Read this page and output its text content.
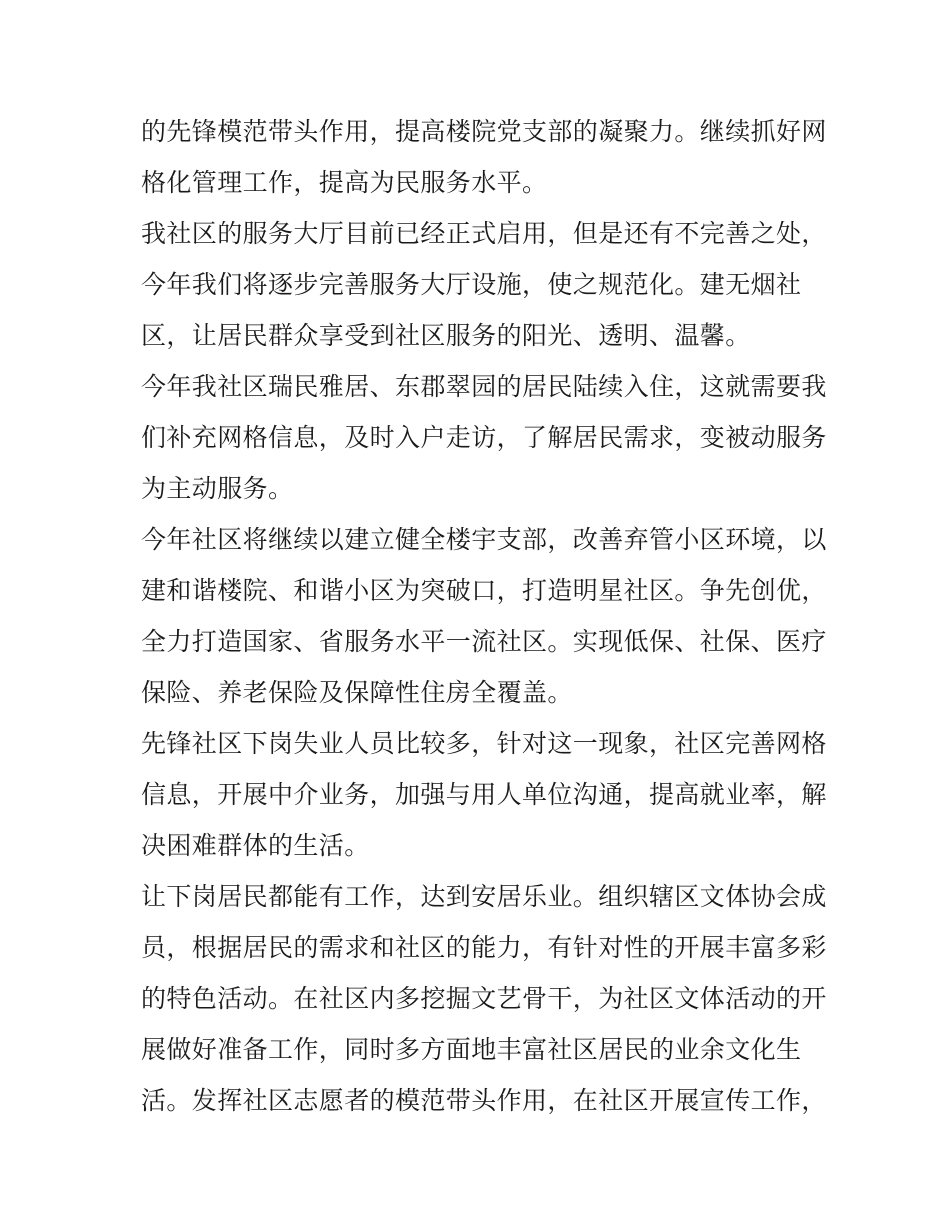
的先锋模范带头作用，提高楼院党支部的凝聚力。继续抓好网
格化管理工作，提高为民服务水平。
我社区的服务大厅目前已经正式启用，但是还有不完善之处，
今年我们将逐步完善服务大厅设施，使之规范化。建无烟社
区，让居民群众享受到社区服务的阳光、透明、温馨。
今年我社区瑞民雅居、东郡翠园的居民陆续入住，这就需要我
们补充网格信息，及时入户走访，了解居民需求，变被动服务
为主动服务。
今年社区将继续以建立健全楼宇支部，改善弃管小区环境，以
建和谐楼院、和谐小区为突破口，打造明星社区。争先创优，
全力打造国家、省服务水平一流社区。实现低保、社保、医疗
保险、养老保险及保障性住房全覆盖。
先锋社区下岗失业人员比较多，针对这一现象，社区完善网格
信息，开展中介业务，加强与用人单位沟通，提高就业率，解
决困难群体的生活。
让下岗居民都能有工作，达到安居乐业。组织辖区文体协会成
员，根据居民的需求和社区的能力，有针对性的开展丰富多彩
的特色活动。在社区内多挖掘文艺骨干，为社区文体活动的开
展做好准备工作，同时多方面地丰富社区居民的业余文化生
活。发挥社区志愿者的模范带头作用，在社区开展宣传工作，
